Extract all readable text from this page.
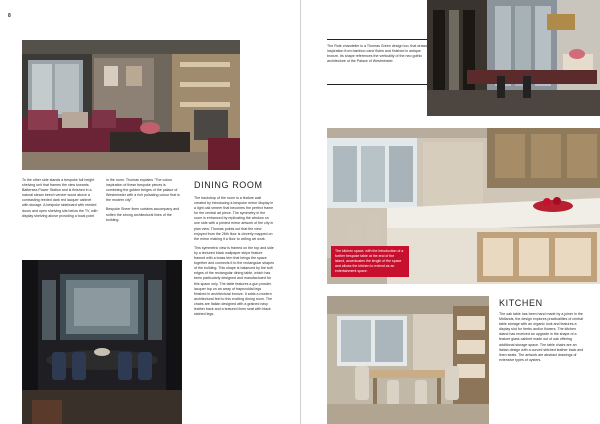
8

To the other side stands a bespoke full height shelving unit that frames the view towards Battersea Power Station and is finished in a natural steam beech veneer wood above a contrasting reeded dark red lacquer cabinet with storage. A bespoke sideboard with reeded doors and open shelving sits below the TV, with display shelving above providing a focal point

in the room. Thomas explains "The colour inspiration of these bespoke pieces is combining the golden beiges of the palace of Westminster with a rich pulsating colour that is the modern city".

Bespoke Sheer linen curtains accompany and soften the strong architectural lines of the building.

DINING ROOM

The backdrop of the room is a feature wall created by introducing a bespoke mirror display in a light oak veneer that becomes the perfect frame for the central art piece. The symmetry in the room is enhanced by replicating the window on one side with a printed mirror artwork of the city in plan view. Thomas points out that the view enjoyed from the 26th floor is cleverly mapped on the mirror making it a floor to ceiling art work.

This symmetric view is framed on the top and side by a textured black wallpaper stripe feature framed with a brass trim that brings the space together and connects it to the rectangular shapes of the building. This shape is balanced by the soft edges of the rectangular dining table, which has been particularly designed and manufactured for this space only. The table features a gun powder lacquer top on an array of trapezoidal legs finished in architectural bronze. It adds a modern architectural feel to this exciting dining room. The chairs are Italian designed with a grained navy leather back and a textured linen seat with black stained legs.

The Rute chandelier is a Thomas Green design too, that draws inspiration from bamboo cane flutes and finished in antique bronze. Its shape references the verticality of the neo gothic architecture of the Palace of Westminster.

The kitchen space, with the introduction of a further bespoke table at the end of the island, accentuates the length of the space and allows the kitchen to extend as an entertainment space.
KITCHEN

The oak table has been hand made by a joiner in the Midlands, the design explores practicalities of central table storage with an organic look and features a display slot for herbs and/or flowers. The kitchen island has received an upgrade in the shape of a feature glass cabinet made out of oak offering additional storage space. The table chairs are an Italian design with a curved stitched leather back and linen seats. The artwork are abstract drawings of extensive types of oysters.
